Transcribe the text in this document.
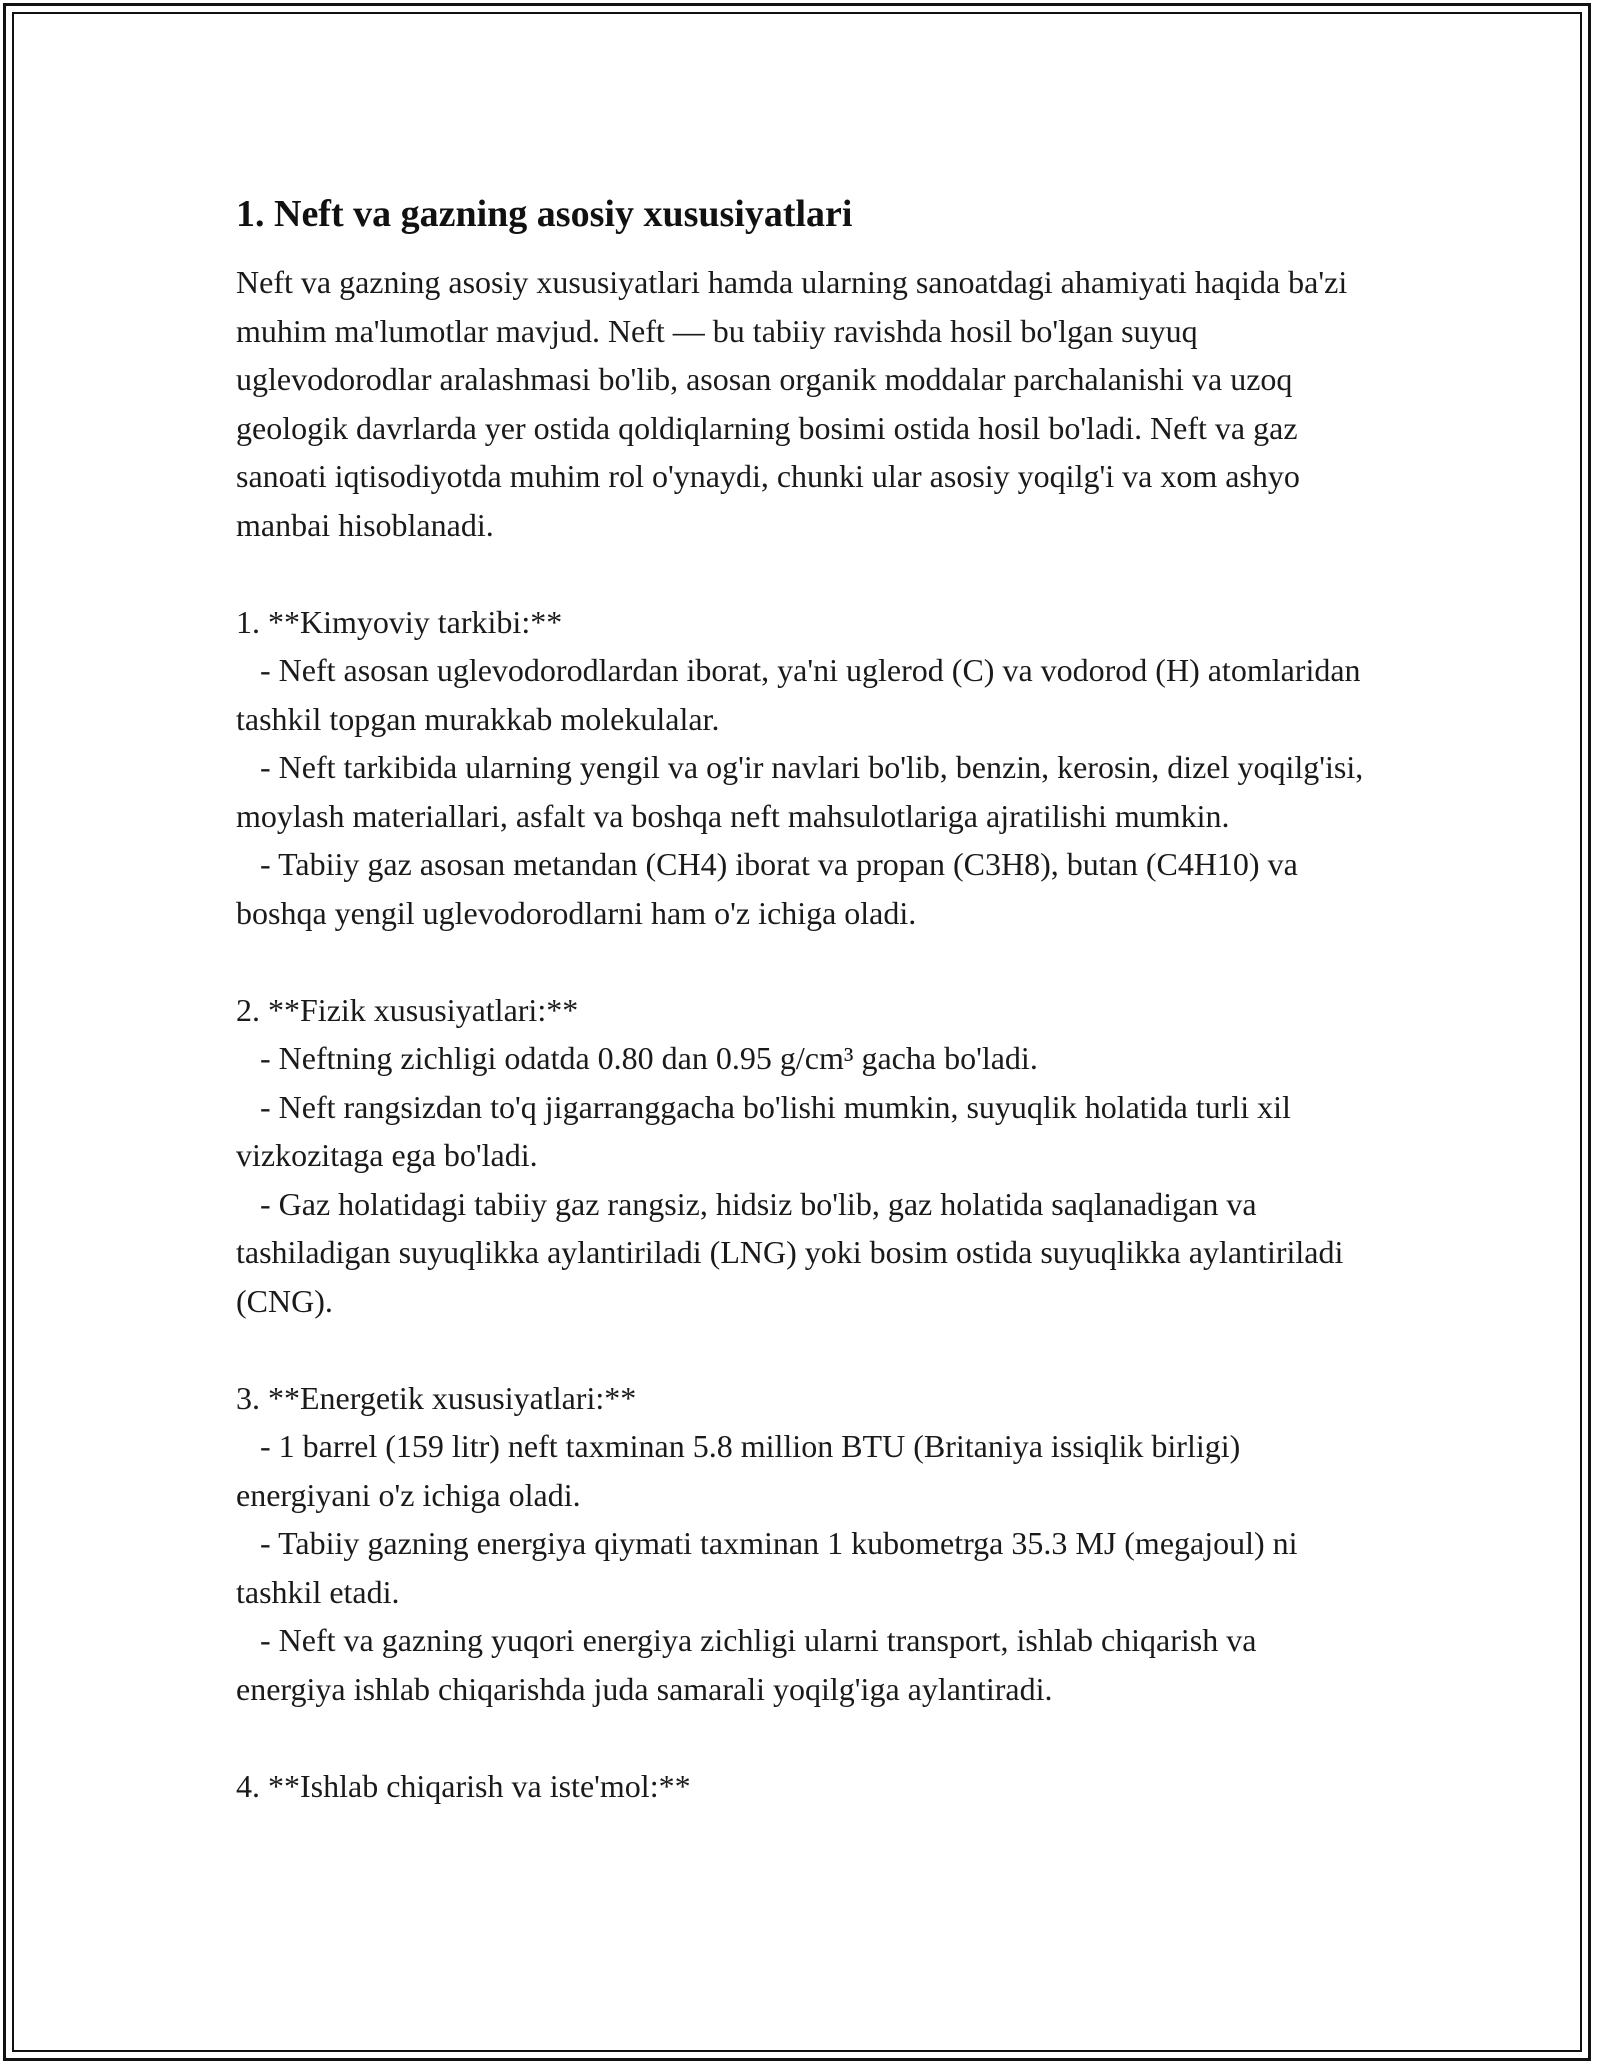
1. Neft va gazning asosiy xususiyatlari

Neft va gazning asosiy xususiyatlari hamda ularning sanoatdagi ahamiyati haqida ba'zi muhim ma'lumotlar mavjud. Neft — bu tabiiy ravishda hosil bo'lgan suyuq uglevodorodlar aralashmasi bo'lib, asosan organik moddalar parchalanishi va uzoq geologik davrlarda yer ostida qoldiqlarning bosimi ostida hosil bo'ladi. Neft va gaz sanoati iqtisodiyotda muhim rol o'ynaydi, chunki ular asosiy yoqilg'i va xom ashyo manbai hisoblanadi.

1. **Kimyoviy tarkibi:**

- Neft asosan uglevodorodlardan iborat, ya'ni uglerod (C) va vodorod (H) atomlaridan tashkil topgan murakkab molekulalar.

- Neft tarkibida ularning yengil va og'ir navlari bo'lib, benzin, kerosin, dizel yoqilg'isi, moylash materiallari, asfalt va boshqa neft mahsulotlariga ajratilishi mumkin.

- Tabiiy gaz asosan metandan (CH4) iborat va propan (C3H8), butan (C4H10) va boshqa yengil uglevodorodlarni ham o'z ichiga oladi.

2. **Fizik xususiyatlari:**

- Neftning zichligi odatda 0.80 dan 0.95 g/cm³ gacha bo'ladi.

- Neft rangsizdan to'q jigarranggacha bo'lishi mumkin, suyuqlik holatida turli xil vizkozitaga ega bo'ladi.

- Gaz holatidagi tabiiy gaz rangsiz, hidsiz bo'lib, gaz holatida saqlanadigan va tashiladigan suyuqlikka aylantiriladi (LNG) yoki bosim ostida suyuqlikka aylantiriladi (CNG).

3. **Energetik xususiyatlari:**

- 1 barrel (159 litr) neft taxminan 5.8 million BTU (Britaniya issiqlik birligi) energiyani o'z ichiga oladi.

- Tabiiy gazning energiya qiymati taxminan 1 kubometrga 35.3 MJ (megajoul) ni tashkil etadi.

- Neft va gazning yuqori energiya zichligi ularni transport, ishlab chiqarish va energiya ishlab chiqarishda juda samarali yoqilg'iga aylantiradi.

4. **Ishlab chiqarish va iste'mol:**
